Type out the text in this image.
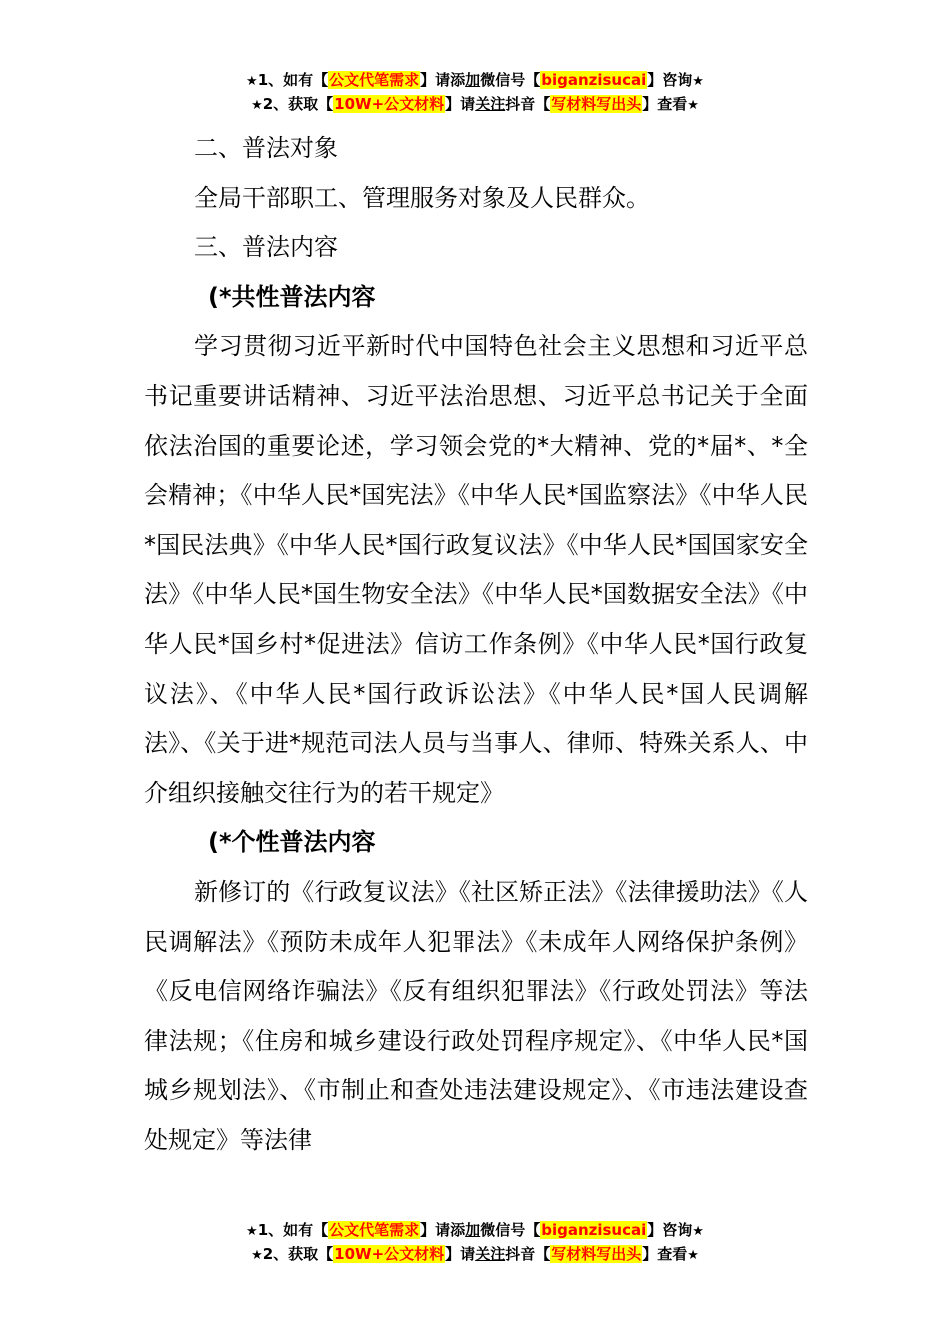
★1、如有【公文代笔需求】请添加微信号【biganzisucai】咨询★
★2、获取【10W+公文材料】请关注抖音【写材料写出头】查看★

二、普法对象

全局干部职工、管理服务对象及人民群众。

三、普法内容

(*共性普法内容

学习贯彻习近平新时代中国特色社会主义思想和习近平总书记重要讲话精神、习近平法治思想、习近平总书记关于全面依法治国的重要论述，学习领会党的*大精神、党的*届*、*全会精神；《中华人民*国宪法》《中华人民*国监察法》《中华人民*国民法典》《中华人民*国行政复议法》《中华人民*国国家安全法》《中华人民*国生物安全法》《中华人民*国数据安全法》《中华人民*国乡村*促进法》信访工作条例》《中华人民*国行政复议法》、《中华人民*国行政诉讼法》《中华人民*国人民调解法》、《关于进*规范司法人员与当事人、律师、特殊关系人、中介组织接触交往行为的若干规定》

(*个性普法内容

新修订的《行政复议法》《社区矫正法》《法律援助法》《人民调解法》《预防未成年人犯罪法》《未成年人网络保护条例》《反电信网络诈骗法》《反有组织犯罪法》《行政处罚法》等法律法规；《住房和城乡建设行政处罚程序规定》、《中华人民*国城乡规划法》、《市制止和查处违法建设规定》、《市违法建设查处规定》等法律

★1、如有【公文代笔需求】请添加微信号【biganzisucai】咨询★
★2、获取【10W+公文材料】请关注抖音【写材料写出头】查看★
